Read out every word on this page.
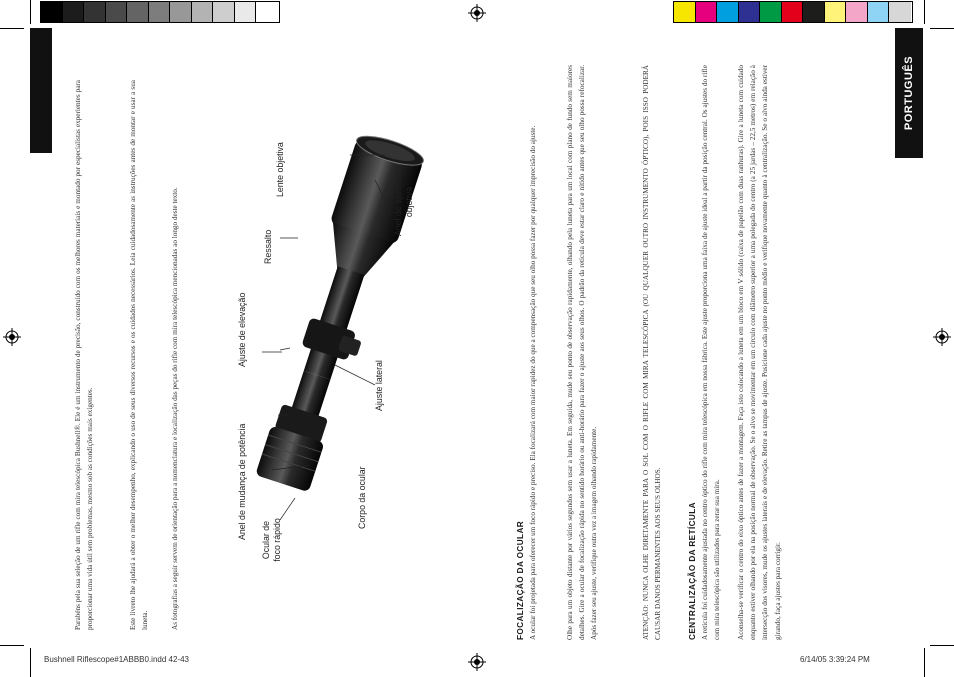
PORTUGUÊS
Ocular de foco rápido
Anel de mudança de potência	Corpo da ocular
Ajuste de elevação
Ajuste lateral
Ressalto
Lente objetiva	Anel de ajuste da objetiva

Parabéns pela sua seleção de um rifle com mira telescópica Bushnell®. Ele é um instrumento de precisão, construído com os melhores materiais e montado por especialistas experientes para proporcionar uma vida útil sem problemas, mesmo sob as condições mais exigentes.	Este livreto lhe ajudará a obter o melhor desempenho, explicando o uso de seus diversos recursos e os cuidados necessários. Leia cuidadosamente as instruções antes de montar e usar a sua luneta.	As fotografias a seguir servem de orientação para a nomenclatura e localização das peças do rifle com mira telescópica mencionadas ao longo deste texto.	FOCALIZAÇÃO DA OCULAR A ocular foi projetada para oferecer um foco rápido e preciso. Ela focalizará com maior rapidez do que a compensação que seu olho possa fazer por qualquer imprecisão do ajuste.	Olhe para um objeto distante por vários segundos sem usar a luneta. Em seguida, mude seu ponto de observação rapidamente, olhando pela luneta para um local com plano de fundo sem maiores detalhes. Gire a ocular de focalização rápida no sentido horário ou anti-horário para fazer o ajuste aos seus olhos. O padrão da retícula deve estar claro e nítido antes que seu olho possa refocalizar. Após fazer seu ajuste, verifique outra vez a imagem olhando rapidamente.	ATENÇÃO: NUNCA OLHE DIRETAMENTE PARA O SOL COM O RIFLE COM MIRA TELESCÓPICA (OU QUALQUER OUTRO INSTRUMENTO ÓPTICO), POIS ISSO PODERÁ CAUSAR DANOS PERMANENTES AOS SEUS OLHOS.	CENTRALIZAÇÃO DA RETÍCULA A retícula foi cuidadosamente ajustada no centro óptico do rifle com mira telescópica em nossa fábrica. Este ajuste proporciona uma faixa de ajuste ideal a partir da posição central. Os ajustes do rifle com mira telescópica são utilizados para zerar sua mira.	Aconselha-se verificar o centro do eixo óptico antes de fazer a montagem. Faça isto colocando a luneta em um bloco em V sólido (caixa de papelão com duas ranhuras). Gire a luneta com cuidado enquanto estiver olhando por ela na posição normal de observação. Se o alvo se movimentar em um círculo com diâmetro superior a uma polegada do centro (a 25 jardas – 22,5 metros) em relação à intersecção dos visores, mude os ajustes laterais e de elevação. Retire as tampas de ajuste. Posicione cada ajuste no ponto médio e verifique novamente quanto à centralização. Se o alvo ainda estiver girando, faça ajustes para corrigir.

Bushnell Riflescope#1ABBB0.indd 42-43	6/14/05 3:39:24 PM
